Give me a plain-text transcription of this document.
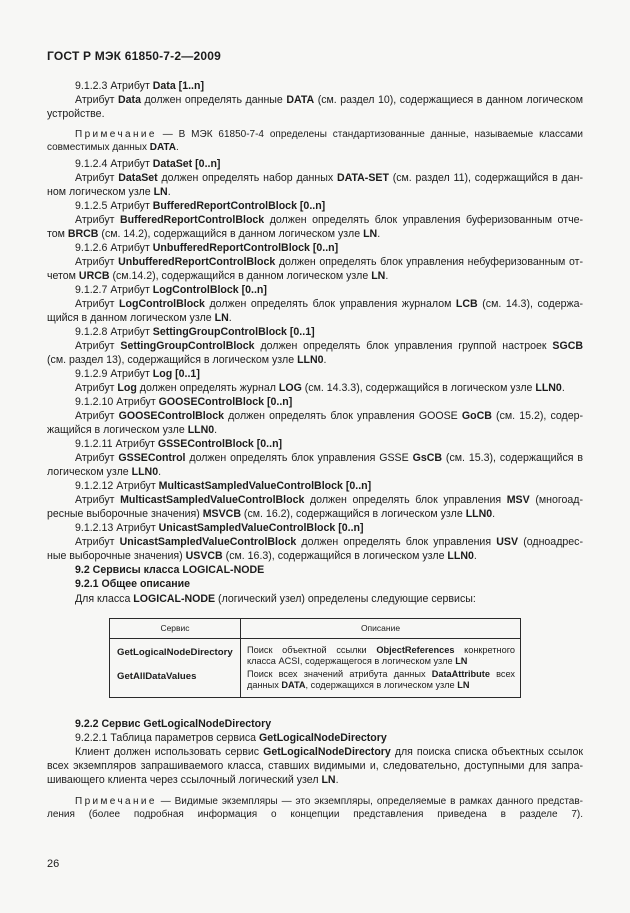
ГОСТ Р МЭК 61850-7-2—2009
9.1.2.3 Атрибут Data [1..n]
Атрибут Data должен определять данные DATA (см. раздел 10), содержащиеся в данном логическом
устройстве.
Примечание — В МЭК 61850-7-4 определены стандартизованные данные, называемые классами
совместимых данных DATA.
9.1.2.4 Атрибут DataSet [0..n]
Атрибут DataSet должен определять набор данных DATA-SET (см. раздел 11), содержащийся в дан-
ном логическом узле LN.
9.1.2.5 Атрибут BufferedReportControlBlock [0..n]
Атрибут BufferedReportControlBlock должен определять блок управления буферизованным отче-
том BRCB (см. 14.2), содержащийся в данном логическом узле LN.
9.1.2.6 Атрибут UnbufferedReportControlBlock [0..n]
Атрибут UnbufferedReportControlBlock должен определять блок управления небуферизованным от-
четом URCB (см.14.2), содержащийся в данном логическом узле LN.
9.1.2.7 Атрибут LogControlBlock [0..n]
Атрибут LogControlBlock должен определять блок управления журналом LCB (см. 14.3), содержа-
щийся в данном логическом узле LN.
9.1.2.8 Атрибут SettingGroupControlBlock [0..1]
Атрибут SettingGroupControlBlock должен определять блок управления группой настроек SGCB
(см. раздел 13), содержащийся в логическом узле LLN0.
9.1.2.9 Атрибут Log [0..1]
Атрибут Log должен определять журнал LOG (см. 14.3.3), содержащийся в логическом узле LLN0.
9.1.2.10 Атрибут GOOSEControlBlock [0..n]
Атрибут GOOSEControlBlock должен определять блок управления GOOSE GoCB (см. 15.2), содер-
жащийся в логическом узле LLN0.
9.1.2.11 Атрибут GSSEControlBlock [0..n]
Атрибут GSSEControl должен определять блок управления GSSE GsCB (см. 15.3), содержащийся в
логическом узле LLN0.
9.1.2.12 Атрибут MulticastSampledValueControlBlock [0..n]
Атрибут MulticastSampledValueControlBlock должен определять блок управления MSV (многоад-
ресные выборочные значения) MSVCB (см. 16.2), содержащийся в логическом узле LLN0.
9.1.2.13 Атрибут UnicastSampledValueControlBlock [0..n]
Атрибут UnicastSampledValueControlBlock должен определять блок управления USV (одноадрес-
ные выборочные значения) USVCB (см. 16.3), содержащийся в логическом узле LLN0.
9.2 Сервисы класса LOGICAL-NODE
9.2.1 Общее описание
Для класса LOGICAL-NODE (логический узел) определены следующие сервисы:
Сервис	Описание
GetLogicalNodeDirectory Поиск объектной ссылки ObjectReferences конкретного
класса ACSI, содержащегося в логическом узле LN
GetAllDataValues	Поиск всех значений атрибута данных DataAttribute всех
данных DATA, содержащихся в логическом узле LN
9.2.2 Сервис GetLogicalNodeDirectory
9.2.2.1 Таблица параметров сервиса GetLogicalNodeDirectory
Клиент должен использовать сервис GetLogicalNodeDirectory для поиска списка объектных ссылок
всех экземпляров запрашиваемого класса, ставших видимыми и, следовательно, доступными для запра-
шивающего клиента через ссылочный логический узел LN.
Примечание — Видимые экземпляры — это экземпляры, определяемые в рамках данного представ-
ления (более подробная информация о концепции представления приведена в разделе 7).
26
